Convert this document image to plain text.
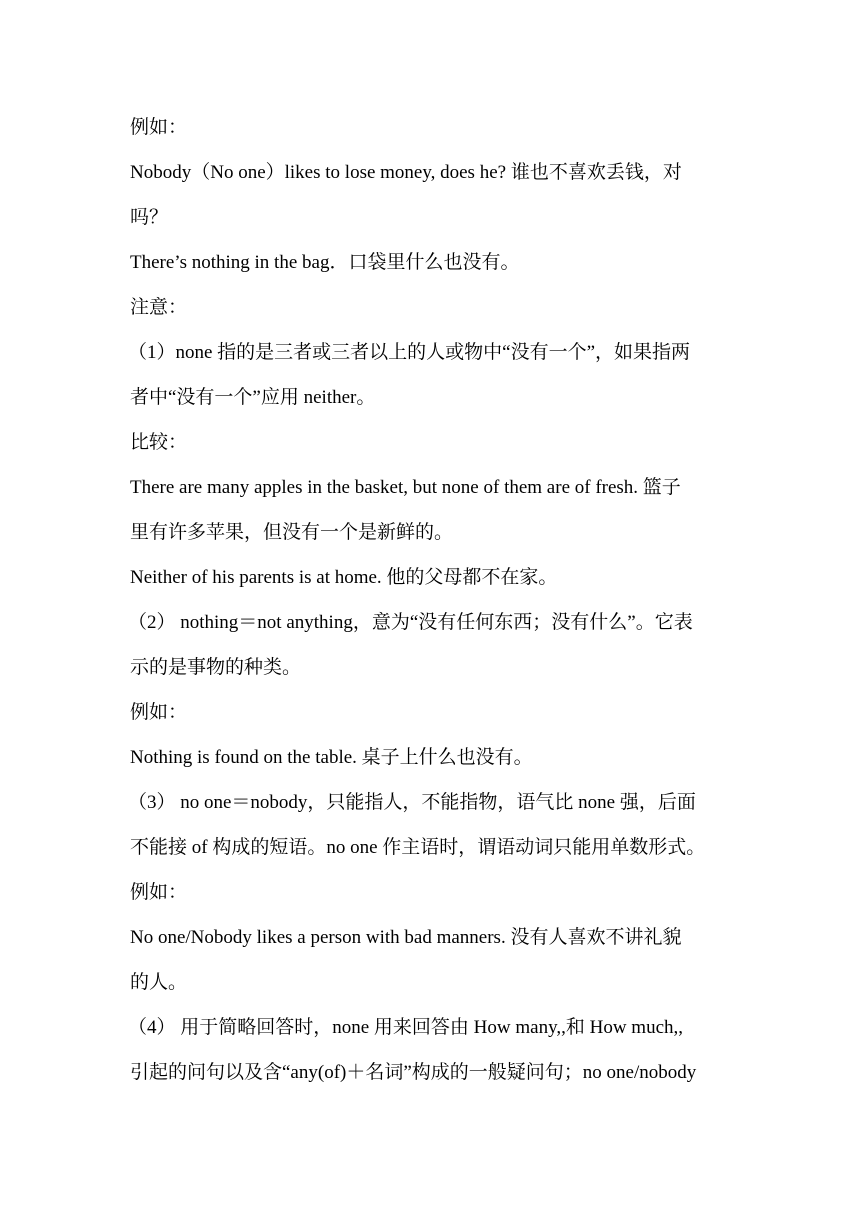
例如：
Nobody（No one）likes to lose money, does he? 谁也不喜欢丢钱，对
吗？
There’s nothing in the bag．口袋里什么也没有。
注意：
（1）none 指的是三者或三者以上的人或物中“没有一个”，如果指两
者中“没有一个”应用 neither。
比较：
There are many apples in the basket, but none of them are of fresh. 篮子
里有许多苹果，但没有一个是新鲜的。
Neither of his parents is at home. 他的父母都不在家。
（2） nothing＝not anything，意为“没有任何东西；没有什么”。它表
示的是事物的种类。
例如：
Nothing is found on the table. 桌子上什么也没有。
（3） no one＝nobody，只能指人，不能指物，语气比 none 强，后面
不能接 of 构成的短语。no one 作主语时，谓语动词只能用单数形式。
例如：
No one/Nobody likes a person with bad manners. 没有人喜欢不讲礼貌
的人。
（4） 用于简略回答时，none 用来回答由 How many,,和 How much,,
引起的问句以及含“any(of)＋名词”构成的一般疑问句；no one/nobody
